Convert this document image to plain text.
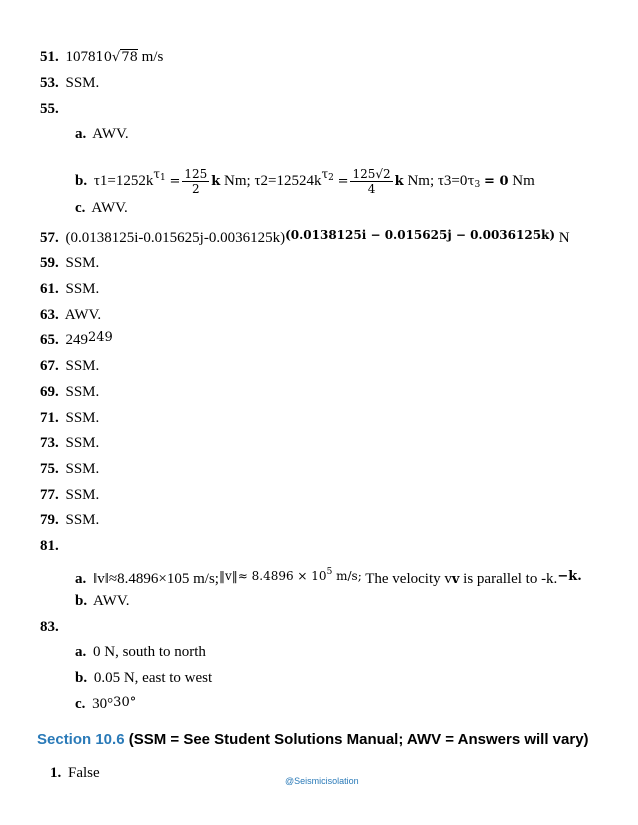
51. 107810√78 m/s
53. SSM.
55.
a. AWV.
b. $\tau 1=1252k^{\tau_1} = \frac{125}{2}$ k Nm; $\tau 2=12524k^{\tau_2} = \frac{125√2}{4}$ k Nm; $\tau 3=0\tau_3 = 0$ Nm
c. AWV.
57. $(0.0138125i-0.015625j-0.0036125k)^{(0.0138125i - 0.015625j - 0.0036125k)}$ N
59. SSM.
61. SSM.
63. AWV.
65. 249249
67. SSM.
69. SSM.
71. SSM.
73. SSM.
75. SSM.
77. SSM.
79. SSM.
81.
a. ‖v‖≈8.4896×105 m/s;$^{‖v‖\approx 8.4896 \times 10^5 m/s;}$ The velocity vv is parallel to -k.−k.
b. AWV.
83.
a. 0 N, south to north
b. 0.05 N, east to west
c. 30°30°
Section 10.6 (SSM = See Student Solutions Manual; AWV = Answers will vary)
1. False	@Seismicisolation
